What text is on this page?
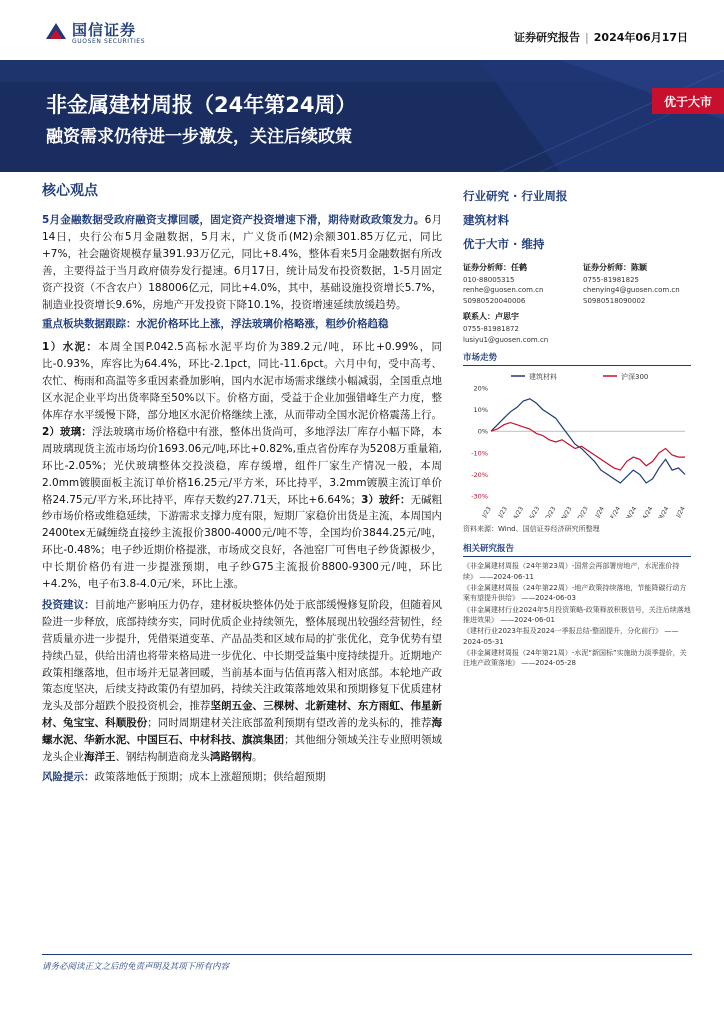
国信证券
GUOSEN SECURITIES	证券研究报告 | 2024年06月17日
非金属建材周报（24年第24周）
融资需求仍待进一步激发，关注后续政策
优于大市
核心观点

5月金融数据受政府融资支撑回暖，固定资产投资增速下滑，期待财政政策发力。6月14日，央行公布5月金融数据，5月末，广义货币(M2)余额301.85万亿元，同比+7%，社会融资规模存量391.93万亿元，同比+8.4%，整体看来5月金融数据有所改善，主要得益于当月政府债券发行提速。6月17日，统计局发布投资数据，1-5月固定资产投资（不含农户）188006亿元，同比+4.0%，其中，基础设施投资增长5.7%，制造业投资增长9.6%，房地产开发投资下降10.1%，投资增速延续放缓趋势。

重点板块数据跟踪：水泥价格环比上涨，浮法玻璃价格略涨，粗纱价格趋稳

1）水泥：本周全国P.042.5高标水泥平均价为389.2元/吨，环比+0.99%，同比-0.93%，库容比为64.4%，环比-2.1pct，同比-11.6pct。六月中旬，受中高考、农忙、梅雨和高温等多重因素叠加影响，国内水泥市场需求继续小幅减弱，全国重点地区水泥企业平均出货率降至50%以下。价格方面，受益于企业加强错峰生产力度，整体库存水平缓慢下降，部分地区水泥价格继续上涨，从而带动全国水泥价格震荡上行。2）玻璃：浮法玻璃市场价格稳中有涨，整体出货尚可，多地浮法厂库存小幅下降，本周玻璃现货主流市场均价1693.06元/吨,环比+0.82%,重点省份库存为5208万重量箱,环比-2.05%；光伏玻璃整体交投淡稳，库存缓增，组件厂家生产情况一般，本周2.0mm镀膜面板主流订单价格16.25元/平方米，环比持平，3.2mm镀膜主流订单价格24.75元/平方米,环比持平，库存天数约27.71天，环比+6.64%；3）玻纤：无碱粗纱市场价格或维稳延续，下游需求支撑力度有限，短期厂家稳价出货是主流，本周国内2400tex无碱缠绕直接纱主流报价3800-4000元/吨不等，全国均价3844.25元/吨，环比-0.48%；电子纱近期价格提涨，市场成交良好，各池窑厂可售电子纱货源极少，中长期价格仍有进一步提涨预期，电子纱G75主流报价8800-9300元/吨，环比+4.2%，电子布3.8-4.0元/米，环比上涨。

投资建议：目前地产影响压力仍存，建材板块整体仍处于底部缓慢修复阶段，但随着风险进一步释放，底部持续夯实，同时优质企业持续领先，整体展现出较强经营韧性，经营质量亦进一步提升，凭借渠道变革、产品品类和区域布局的扩张优化，竞争优势有望持续凸显，供给出清也将带来格局进一步优化、中长期受益集中度持续提升。近期地产政策相继落地，但市场并无显著回暖，当前基本面与估值再落入相对底部。本轮地产政策态度坚决，后续支持政策仍有望加码，持续关注政策落地效果和预期修复下优质建材龙头及部分超跌个股投资机会，推荐坚朗五金、三棵树、北新建材、东方雨虹、伟星新材、兔宝宝、科顺股份；同时周期建材关注底部盈利预期有望改善的龙头标的，推荐海螺水泥、华新水泥、中国巨石、中材科技、旗滨集团；其他细分领域关注专业照明领域龙头企业海洋王、钢结构制造商龙头鸿路钢构。

风险提示：政策落地低于预期；成本上涨超预期；供给超预期

行业研究 · 行业周报
建筑材料
优于大市 · 维持
证券分析师：任鹤
010-88005315
renhe@guosen.com.cn
S0980520040006
证券分析师：陈颖
0755-81981825
chenying4@guosen.com.cn
S0980518090002
联系人：卢思宇
0755-81981872
lusiyu1@guosen.com.cn
市场走势
建筑材料	沪深300
20%
10%
0%
-10%
-20%
-30%
J/23 J/23 A/23 S/23 O/23 N/23 D/23 J/24 F/24 M/24 A/24 M/24 J/24
资料来源：Wind、国信证券经济研究所整理
相关研究报告
《非金属建材周报（24年第23周）-国常会再部署房地产，水泥涨价持续》 ——2024-06-11
《非金属建材周报（24年第22周）-地产政策持续落地，节能降碳行动方案有望提升供给》 ——2024-06-03
《非金属建材行业2024年5月投资策略-政策释放积极信号，关注后续落地推进效果》 ——2024-06-01
《建材行业2023年报及2024一季报总结-整固提升，分化前行》 ——2024-05-31
《非金属建材周报（24年第21周）-水泥“新国标”实施助力淡季提价，关注地产政策落地》 ——2024-05-28
请务必阅读正文之后的免责声明及其项下所有内容
